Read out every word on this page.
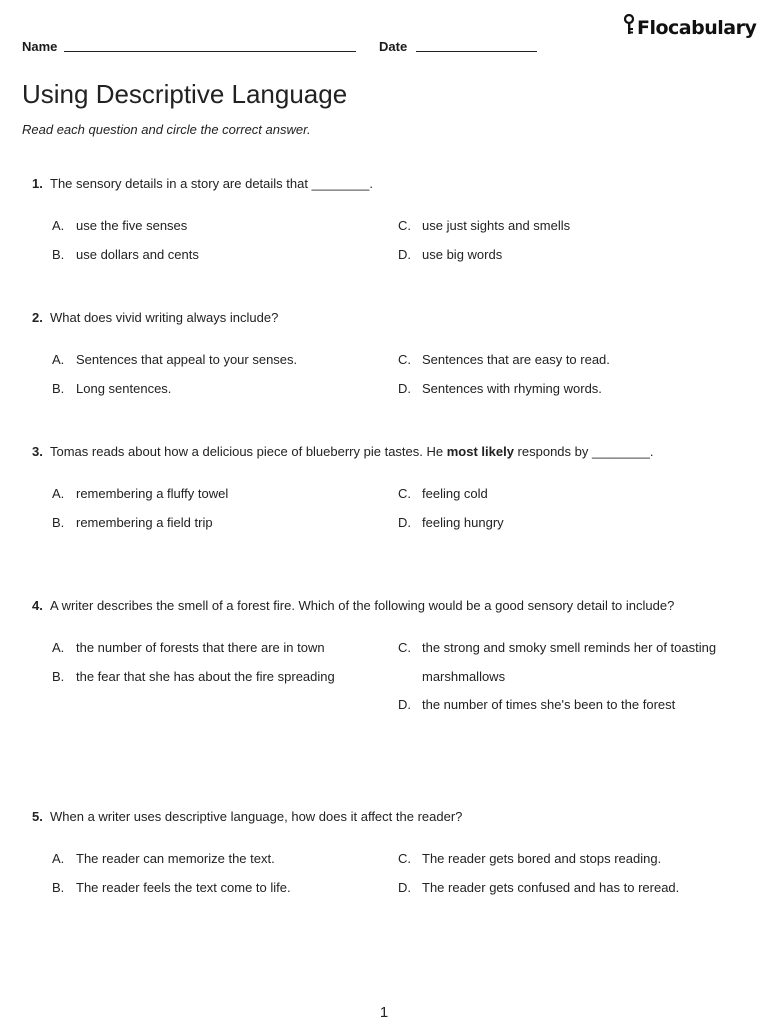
Name	Date
Flocabulary
Using Descriptive Language

Read each question and circle the correct answer.

1. The sensory details in a story are details that ________.
A. use the five senses
B. use dollars and cents
C. use just sights and smells
D. use big words
2. What does vivid writing always include?
A. Sentences that appeal to your senses.
B. Long sentences.
C. Sentences that are easy to read.
D. Sentences with rhyming words.
3. Tomas reads about how a delicious piece of blueberry pie tastes. He most likely responds by ________.
A. remembering a fluffy towel
B. remembering a field trip
C. feeling cold
D. feeling hungry
4. A writer describes the smell of a forest fire. Which of the following would be a good sensory detail to include?
A. the number of forests that there are in town
B. the fear that she has about the fire spreading
C. the strong and smoky smell reminds her of toasting marshmallows
D. the number of times she's been to the forest
5. When a writer uses descriptive language, how does it affect the reader?
A. The reader can memorize the text.
B. The reader feels the text come to life.
C. The reader gets bored and stops reading.
D. The reader gets confused and has to reread.
1
